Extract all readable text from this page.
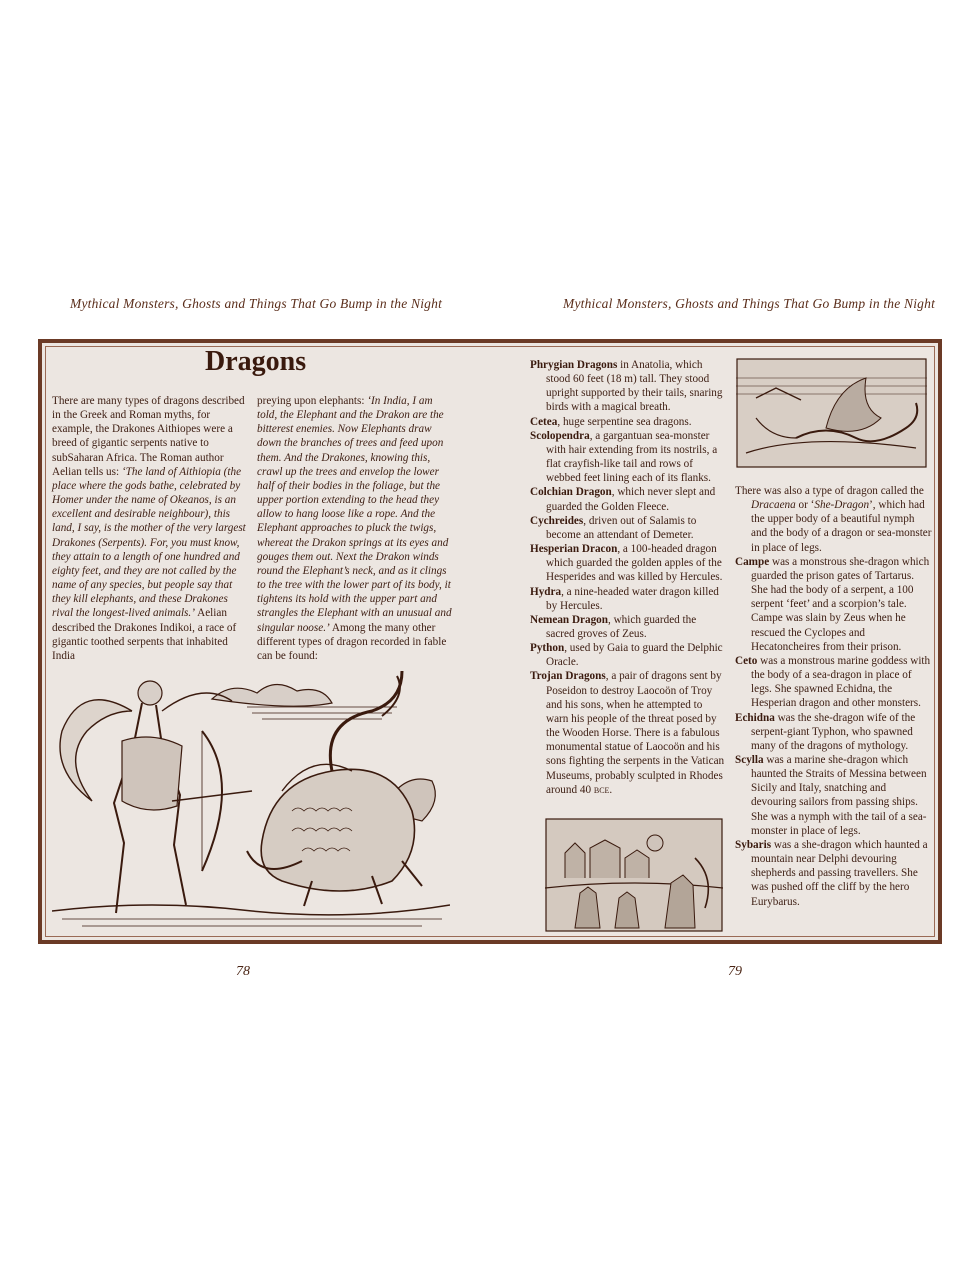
Mythical Monsters, Ghosts and Things That Go Bump in the Night	Mythical Monsters, Ghosts and Things That Go Bump in the Night
Dragons

There are many types of dragons described in the Greek and Roman myths, for example, the Drakones Aithiopes were a breed of gigantic serpents native to subSaharan Africa. The Roman author Aelian tells us: ‘The land of Aithiopia (the place where the gods bathe, celebrated by Homer under the name of Okeanos, is an excellent and desirable neighbour), this land, I say, is the mother of the very largest Drakones (Serpents). For, you must know, they attain to a length of one hundred and eighty feet, and they are not called by the name of any species, but people say that they kill elephants, and these Drakones rival the longest-lived animals.’ Aelian described the Drakones Indikoi, a race of gigantic toothed serpents that inhabited India

preying upon elephants: ‘In India, I am told, the Elephant and the Drakon are the bitterest enemies. Now Elephants draw down the branches of trees and feed upon them. And the Drakones, knowing this, crawl up the trees and envelop the lower half of their bodies in the foliage, but the upper portion extending to the head they allow to hang loose like a rope. And the Elephant approaches to pluck the twigs, whereat the Drakon springs at its eyes and gouges them out. Next the Drakon winds round the Elephant’s neck, and as it clings to the tree with the lower part of its body, it tightens its hold with the upper part and strangles the Elephant with an unusual and singular noose.’ Among the many other different types of dragon recorded in fable can be found:

Phrygian Dragons in Anatolia, which stood 60 feet (18 m) tall. They stood upright supported by their tails, snaring birds with a magical breath.

Cetea, huge serpentine sea dragons.

Scolopendra, a gargantuan sea-monster with hair extending from its nostrils, a flat crayfish-like tail and rows of webbed feet lining each of its flanks.

Colchian Dragon, which never slept and guarded the Golden Fleece.

Cychreides, driven out of Salamis to become an attendant of Demeter.

Hesperian Dracon, a 100-headed dragon which guarded the golden apples of the Hesperides and was killed by Hercules.

Hydra, a nine-headed water dragon killed by Hercules.

Nemean Dragon, which guarded the sacred groves of Zeus.

Python, used by Gaia to guard the Delphic Oracle.

Trojan Dragons, a pair of dragons sent by Poseidon to destroy Laocoön of Troy and his sons, when he attempted to warn his people of the threat posed by the Wooden Horse. There is a fabulous monumental statue of Laocoön and his sons fighting the serpents in the Vatican Museums, probably sculpted in Rhodes around 40 bce.

There was also a type of dragon called the Dracaena or ‘She-Dragon’, which had the upper body of a beautiful nymph and the body of a dragon or sea-monster in place of legs.

Campe was a monstrous she-dragon which guarded the prison gates of Tartarus. She had the body of a serpent, a 100 serpent ‘feet’ and a scorpion’s tale. Campe was slain by Zeus when he rescued the Cyclopes and Hecatoncheires from their prison.

Ceto was a monstrous marine goddess with the body of a sea-dragon in place of legs. She spawned Echidna, the Hesperian dragon and other monsters.

Echidna was the she-dragon wife of the serpent-giant Typhon, who spawned many of the dragons of mythology.

Scylla was a marine she-dragon which haunted the Straits of Messina between Sicily and Italy, snatching and devouring sailors from passing ships. She was a nymph with the tail of a sea-monster in place of legs.

Sybaris was a she-dragon which haunted a mountain near Delphi devouring shepherds and passing travellers. She was pushed off the cliff by the hero Eurybarus.

78	79
